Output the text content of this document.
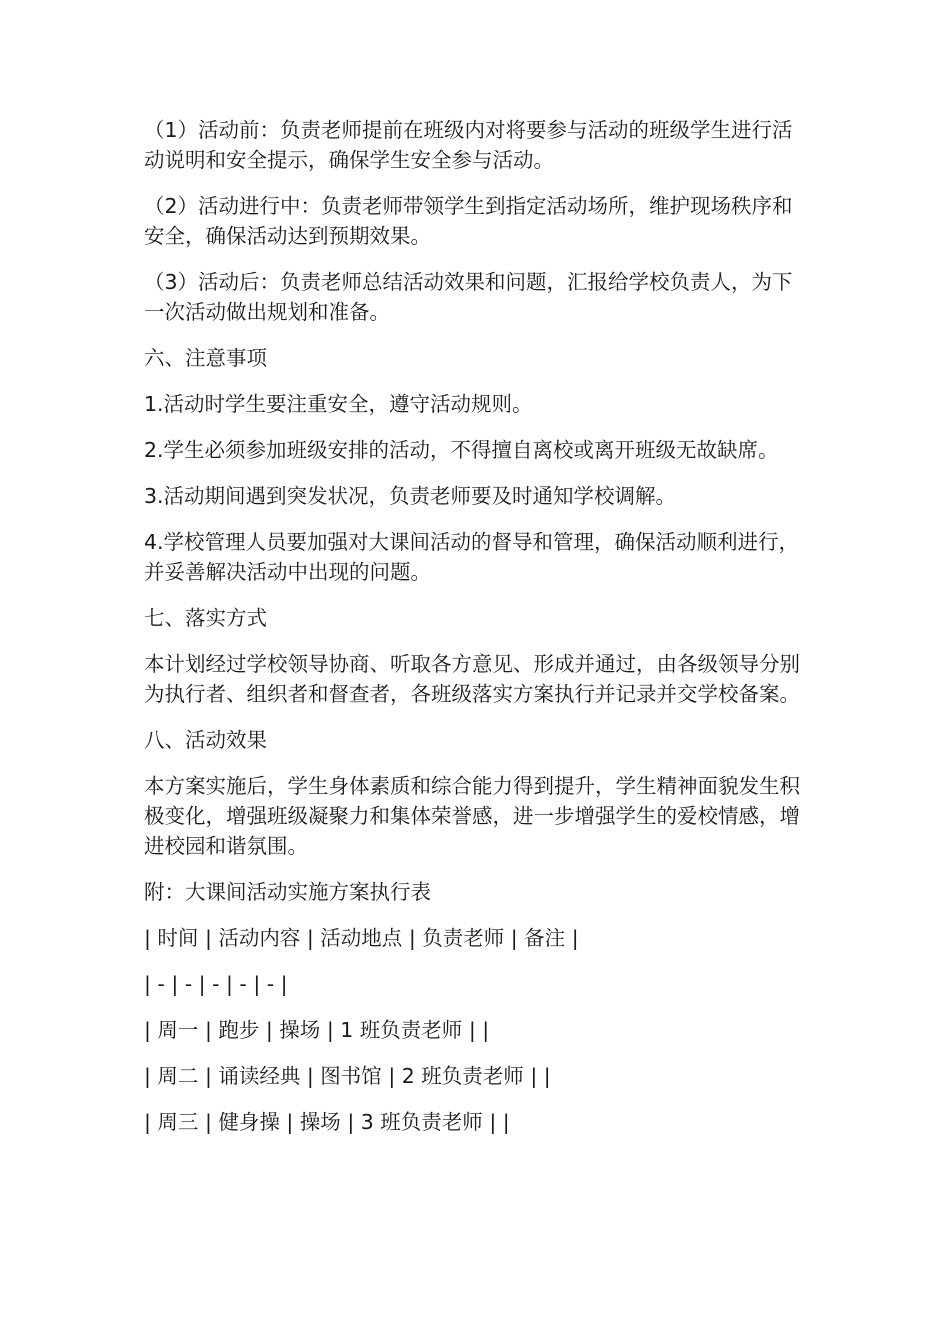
（1）活动前：负责老师提前在班级内对将要参与活动的班级学生进行活动说明和安全提示，确保学生安全参与活动。

（2）活动进行中：负责老师带领学生到指定活动场所，维护现场秩序和安全，确保活动达到预期效果。

（3）活动后：负责老师总结活动效果和问题，汇报给学校负责人，为下一次活动做出规划和准备。

六、注意事项

1.活动时学生要注重安全，遵守活动规则。

2.学生必须参加班级安排的活动，不得擅自离校或离开班级无故缺席。

3.活动期间遇到突发状况，负责老师要及时通知学校调解。

4.学校管理人员要加强对大课间活动的督导和管理，确保活动顺利进行，并妥善解决活动中出现的问题。

七、落实方式

本计划经过学校领导协商、听取各方意见、形成并通过，由各级领导分别为执行者、组织者和督查者，各班级落实方案执行并记录并交学校备案。

八、活动效果

本方案实施后，学生身体素质和综合能力得到提升，学生精神面貌发生积极变化，增强班级凝聚力和集体荣誉感，进一步增强学生的爱校情感，增进校园和谐氛围。

附：大课间活动实施方案执行表

| 时间 | 活动内容 | 活动地点 | 负责老师 | 备注 |

| - | - | - | - | - |

| 周一 | 跑步 | 操场 | 1 班负责老师 | |

| 周二 | 诵读经典 | 图书馆 | 2 班负责老师 | |

| 周三 | 健身操 | 操场 | 3 班负责老师 | |
